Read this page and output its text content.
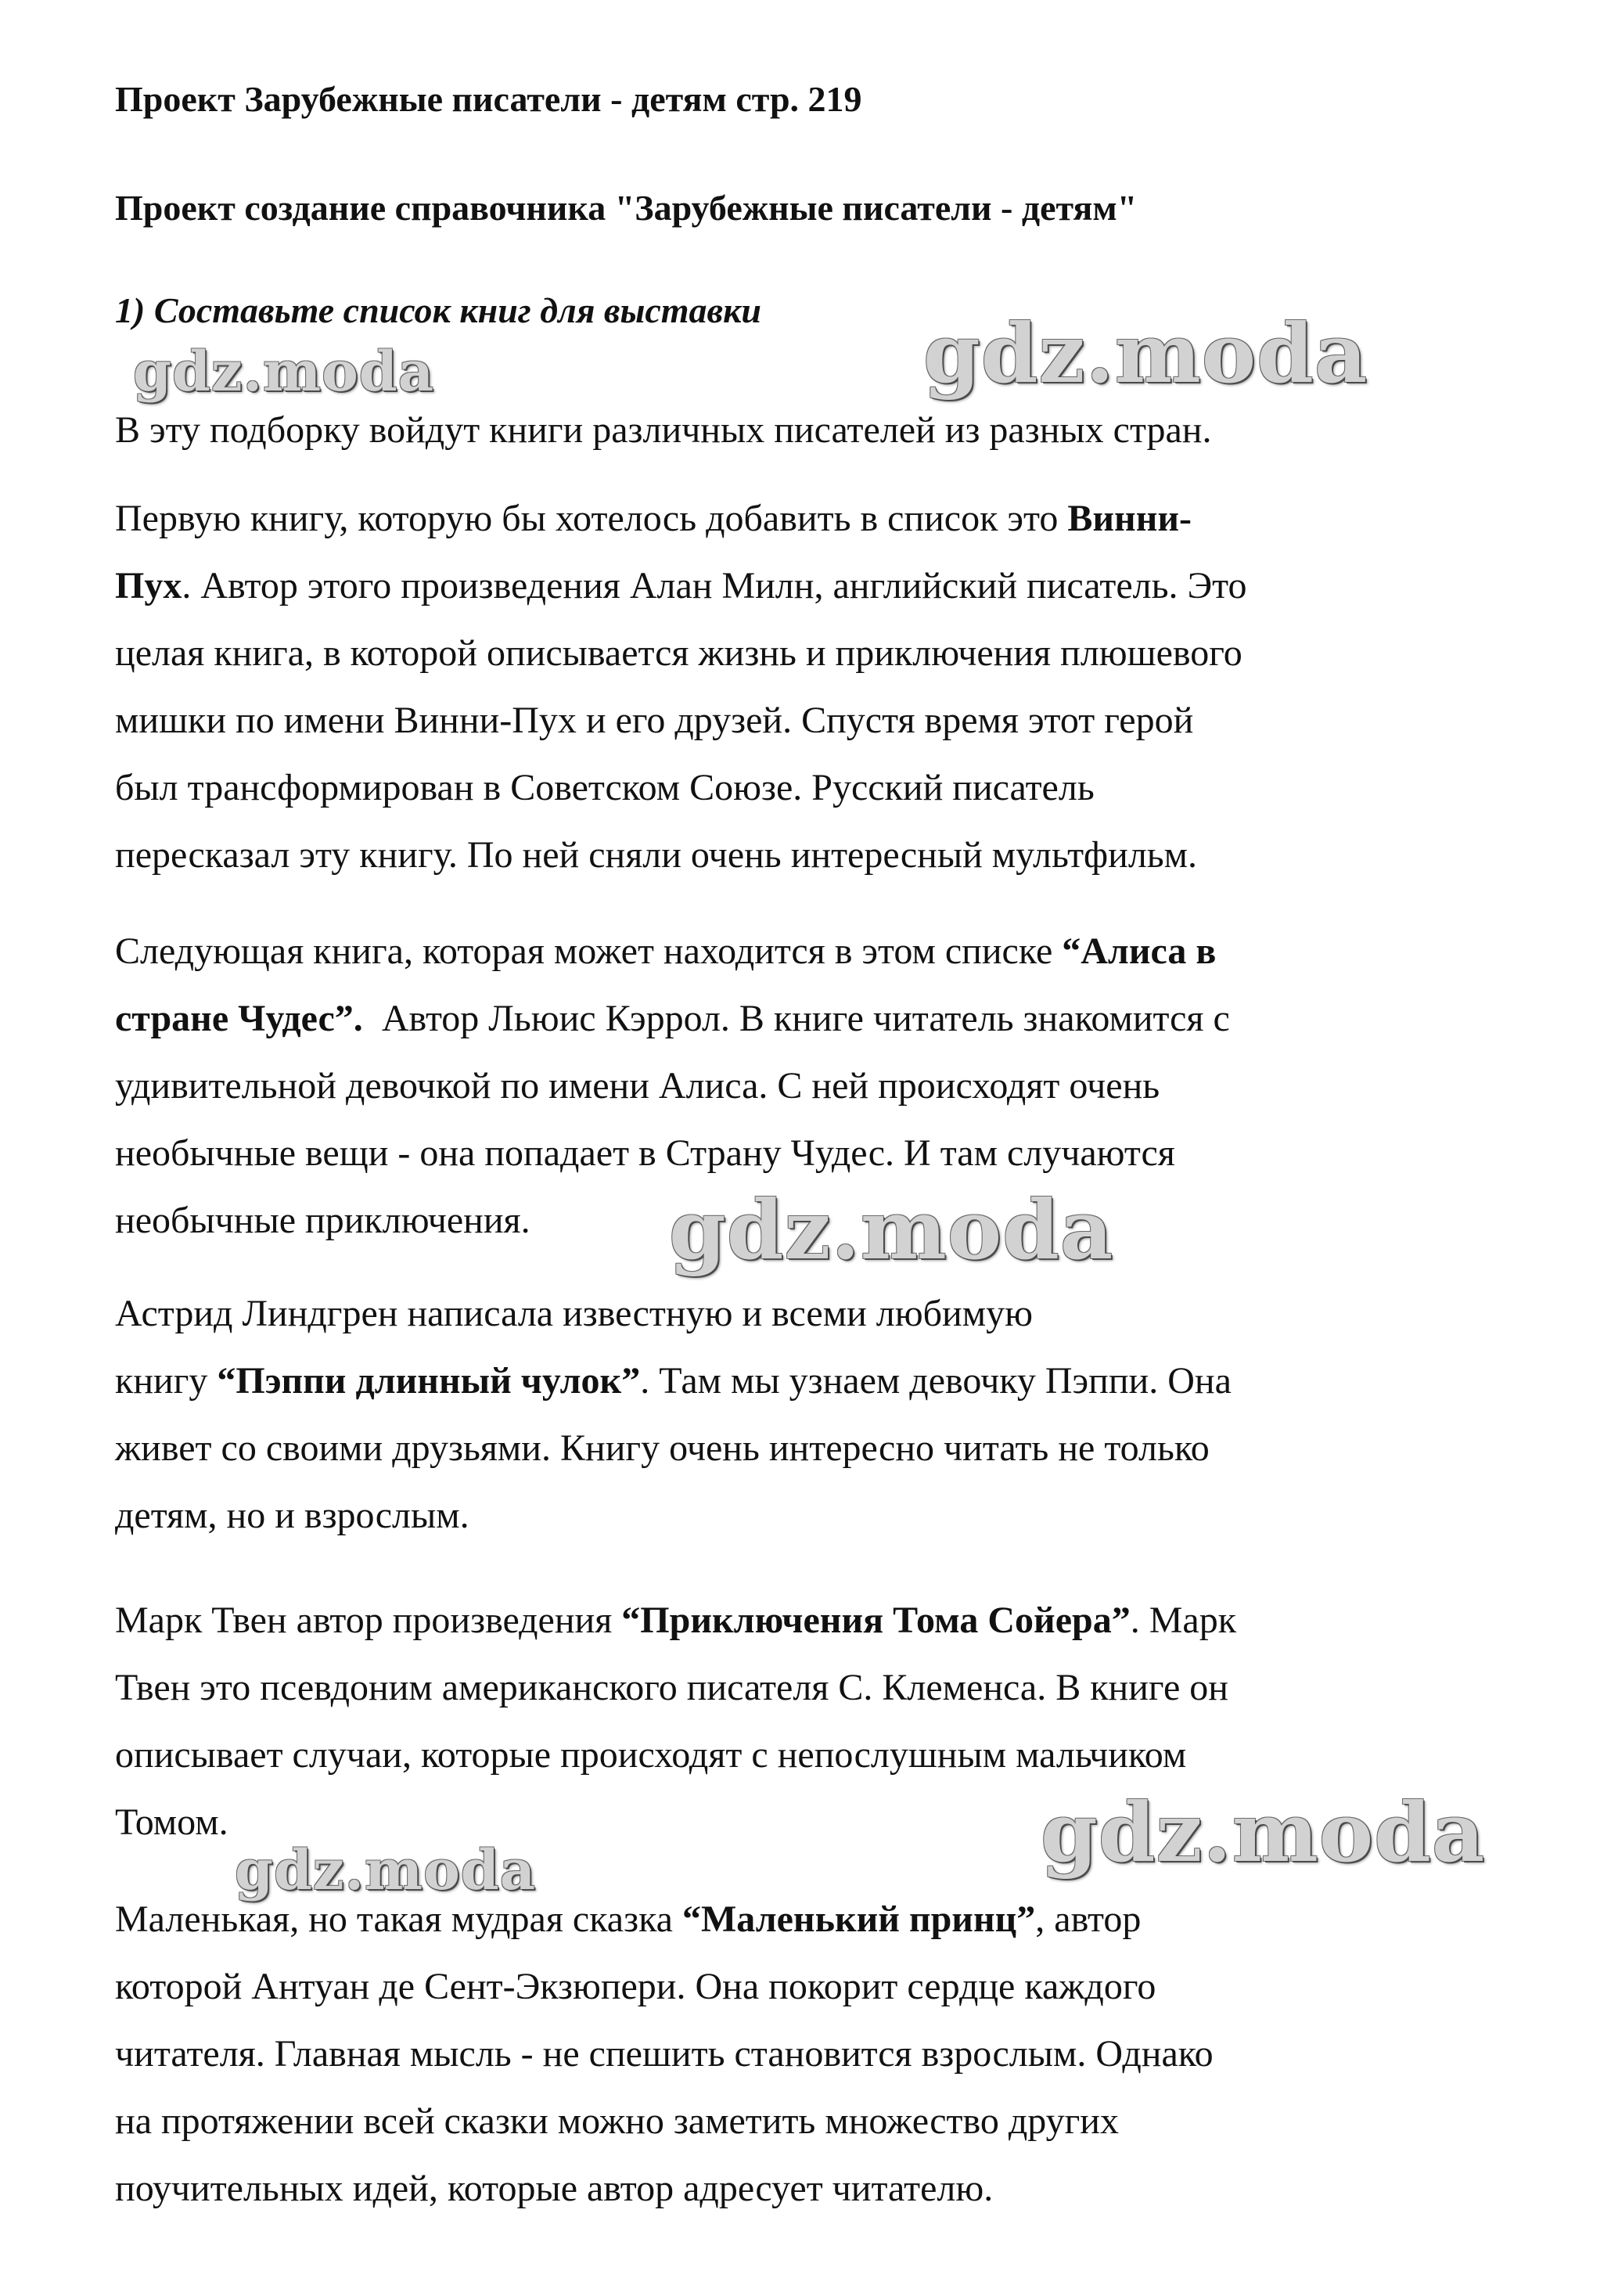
Проект Зарубежные писатели - детям стр. 219
Проект создание справочника "Зарубежные писатели - детям"
1) Составьте список книг для выставки
gdz.moda	gdz.moda
В эту подборку войдут книги различных писателей из разных стран.
Первую книгу, которую бы хотелось добавить в список это Винни-
Пух. Автор этого произведения Алан Милн, английский писатель. Это
целая книга, в которой описывается жизнь и приключения плюшевого
мишки по имени Винни-Пух и его друзей. Спустя время этот герой
был трансформирован в Советском Союзе. Русский писатель
пересказал эту книгу. По ней сняли очень интересный мультфильм.
Следующая книга, которая может находится в этом списке “Алиса в
стране Чудес”.  Автор Льюис Кэррол. В книге читатель знакомится с
удивительной девочкой по имени Алиса. С ней происходят очень
необычные вещи - она попадает в Страну Чудес. И там случаются
необычные приключения.	gdz.moda
Астрид Линдгрен написала известную и всеми любимую
книгу “Пэппи длинный чулок”. Там мы узнаем девочку Пэппи. Она
живет со своими друзьями. Книгу очень интересно читать не только
детям, но и взрослым.
Марк Твен автор произведения “Приключения Тома Сойера”. Марк
Твен это псевдоним американского писателя С. Клеменса. В книге он
описывает случаи, которые происходят с непослушным мальчиком
Томом.	gdz.moda
gdz.moda
Маленькая, но такая мудрая сказка “Маленький принц”, автор
которой Антуан де Сент-Экзюпери. Она покорит сердце каждого
читателя. Главная мысль - не спешить становится взрослым. Однако
на протяжении всей сказки можно заметить множество других
поучительных идей, которые автор адресует читателю.
